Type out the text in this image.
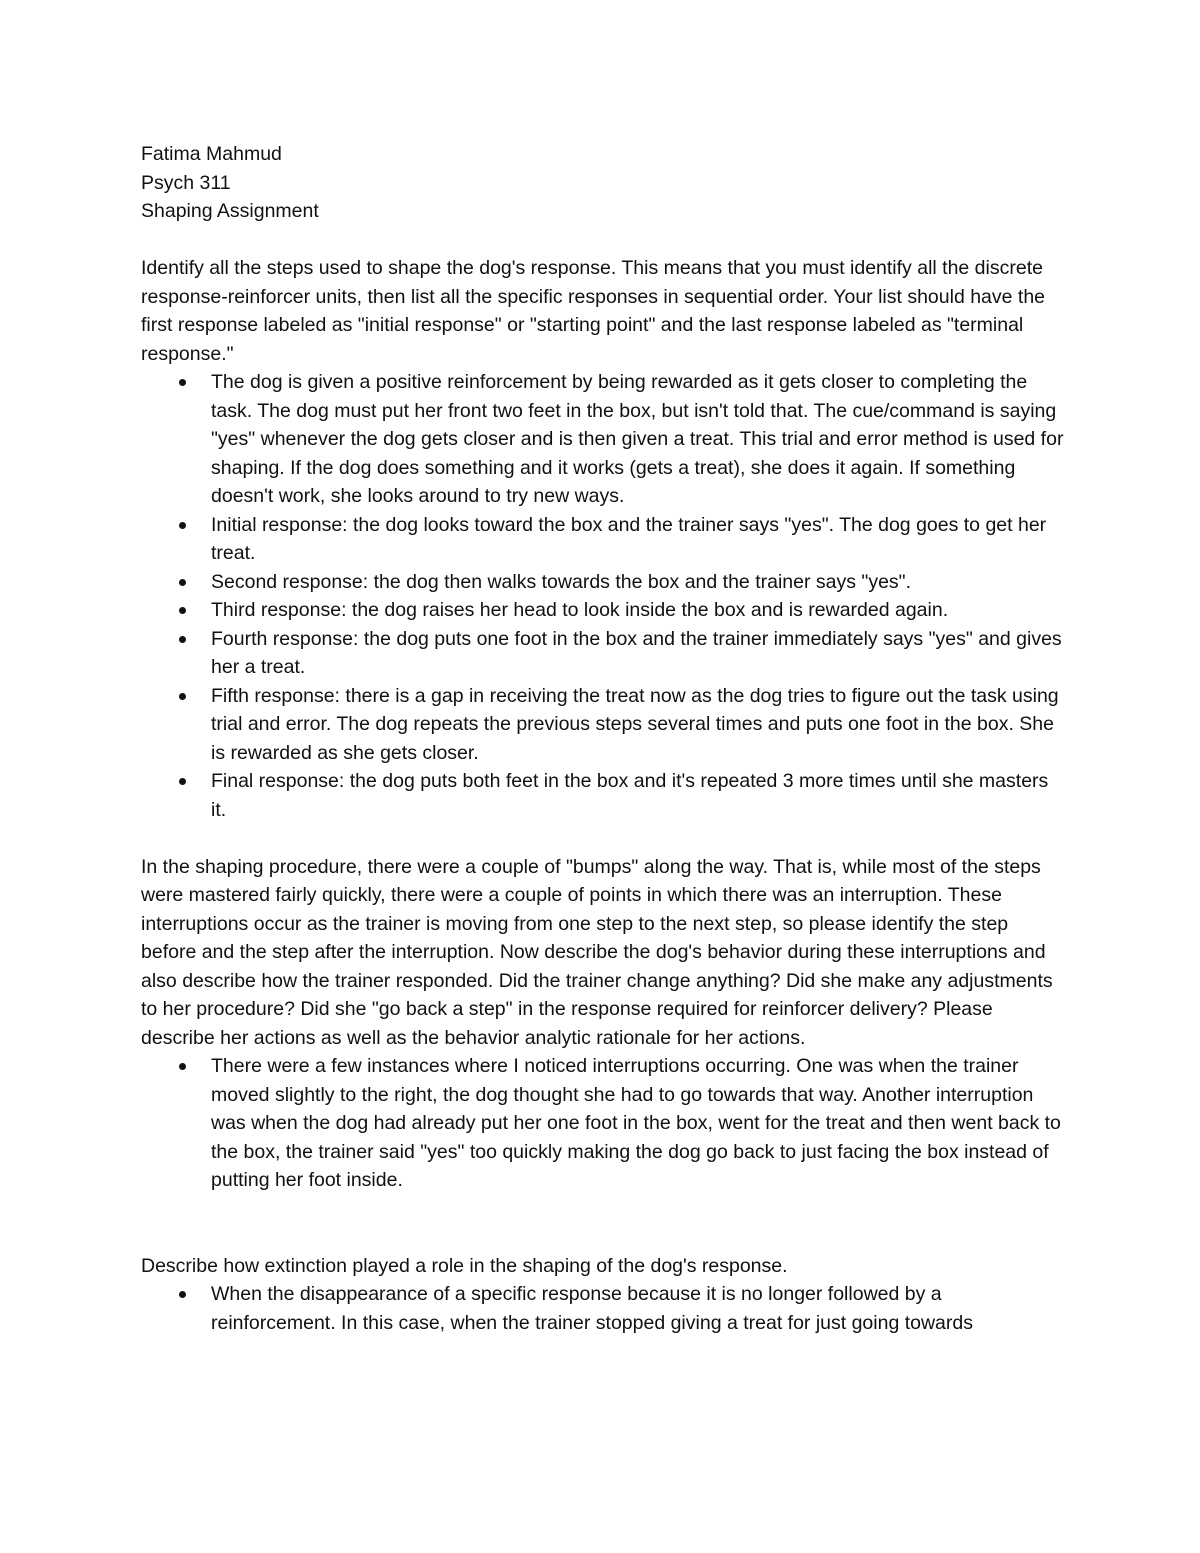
Fatima Mahmud

Psych 311

Shaping Assignment

Identify all the steps used to shape the dog's response. This means that you must identify all the discrete response-reinforcer units, then list all the specific responses in sequential order. Your list should have the first response labeled as "initial response" or "starting point" and the last response labeled as "terminal response."

The dog is given a positive reinforcement by being rewarded as it gets closer to completing the task. The dog must put her front two feet in the box, but isn't told that. The cue/command is saying "yes" whenever the dog gets closer and is then given a treat. This trial and error method is used for shaping. If the dog does something and it works (gets a treat), she does it again. If something doesn't work, she looks around to try new ways.
Initial response: the dog looks toward the box and the trainer says "yes". The dog goes to get her treat.
Second response: the dog then walks towards the box and the trainer says "yes".
Third response: the dog raises her head to look inside the box and is rewarded again.
Fourth response: the dog puts one foot in the box and the trainer immediately says "yes" and gives her a treat.
Fifth response: there is a gap in receiving the treat now as the dog tries to figure out the task using trial and error. The dog repeats the previous steps several times and puts one foot in the box. She is rewarded as she gets closer.
Final response: the dog puts both feet in the box and it's repeated 3 more times until she masters it.

In the shaping procedure, there were a couple of "bumps" along the way. That is, while most of the steps were mastered fairly quickly, there were a couple of points in which there was an interruption. These interruptions occur as the trainer is moving from one step to the next step, so please identify the step before and the step after the interruption. Now describe the dog's behavior during these interruptions and also describe how the trainer responded. Did the trainer change anything? Did she make any adjustments to her procedure? Did she "go back a step" in the response required for reinforcer delivery? Please describe her actions as well as the behavior analytic rationale for her actions.

There were a few instances where I noticed interruptions occurring. One was when the trainer moved slightly to the right, the dog thought she had to go towards that way. Another interruption was when the dog had already put her one foot in the box, went for the treat and then went back to the box, the trainer said "yes" too quickly making the dog go back to just facing the box instead of putting her foot inside.

Describe how extinction played a role in the shaping of the dog's response.

When the disappearance of a specific response because it is no longer followed by a reinforcement. In this case, when the trainer stopped giving a treat for just going towards
